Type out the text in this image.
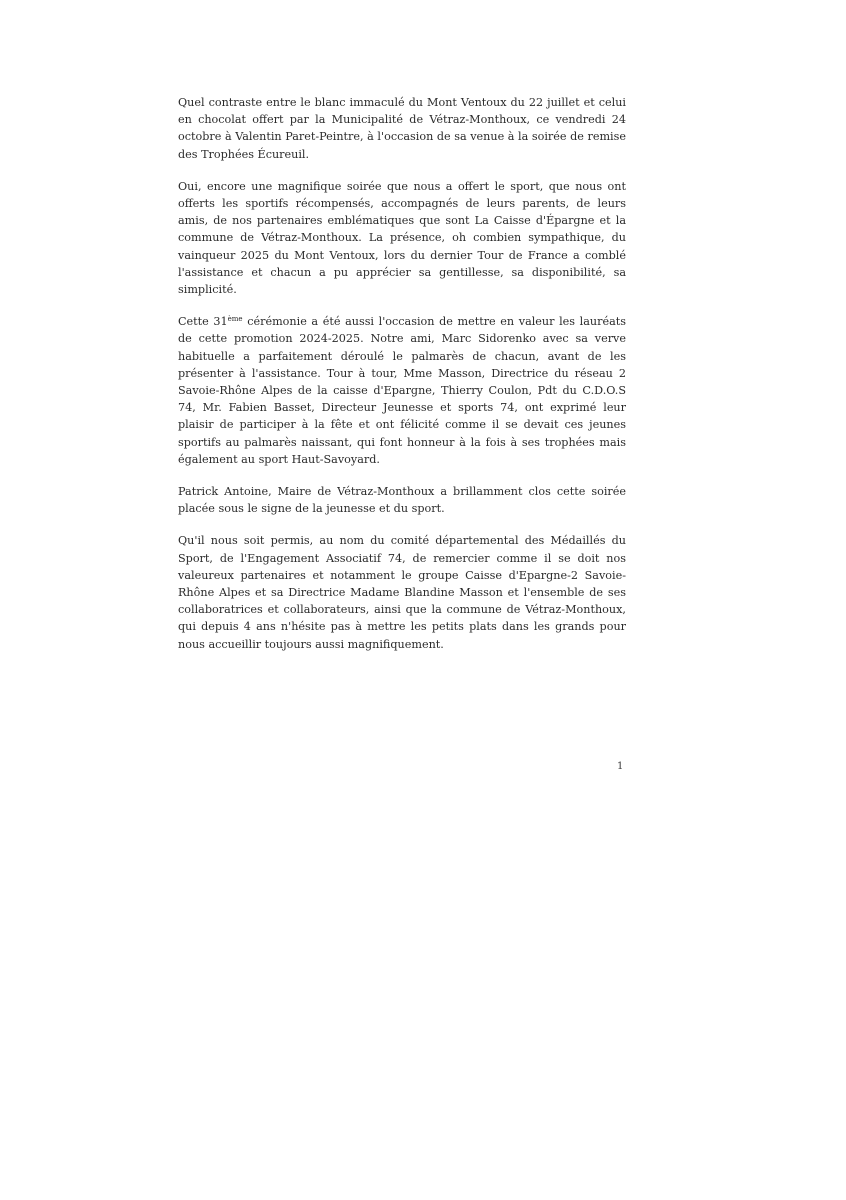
Quel contraste entre le blanc immaculé du Mont Ventoux du 22 juillet et celui en chocolat offert par la Municipalité de Vétraz-Monthoux, ce vendredi 24 octobre à Valentin Paret-Peintre, à l'occasion de sa venue à la soirée de remise des Trophées Écureuil.

Oui, encore une magnifique soirée que nous a offert le sport, que nous ont offerts les sportifs récompensés, accompagnés de leurs parents, de leurs amis, de nos partenaires emblématiques que sont La Caisse d'Épargne et la commune de Vétraz-Monthoux. La présence, oh combien sympathique, du vainqueur 2025 du Mont Ventoux, lors du dernier Tour de France a comblé l'assistance et chacun a pu apprécier sa gentillesse, sa disponibilité, sa simplicité.

Cette 31ème cérémonie a été aussi l'occasion de mettre en valeur les lauréats de cette promotion 2024-2025. Notre ami, Marc Sidorenko avec sa verve habituelle a parfaitement déroulé le palmarès de chacun, avant de les présenter à l'assistance. Tour à tour, Mme Masson, Directrice du réseau 2 Savoie-Rhône Alpes de la caisse d'Epargne, Thierry Coulon, Pdt du C.D.O.S 74, Mr. Fabien Basset, Directeur Jeunesse et sports 74, ont exprimé leur plaisir de participer à la fête et ont félicité comme il se devait ces jeunes sportifs au palmarès naissant, qui font honneur à la fois à ses trophées mais également au sport Haut-Savoyard.

Patrick Antoine, Maire de Vétraz-Monthoux a brillamment clos cette soirée placée sous le signe de la jeunesse et du sport.

Qu'il nous soit permis, au nom du comité départemental des Médaillés du Sport, de l'Engagement Associatif 74, de remercier comme il se doit nos valeureux partenaires et notamment le groupe Caisse d'Epargne-2 Savoie-Rhône Alpes et sa Directrice Madame Blandine Masson et l'ensemble de ses collaboratrices et collaborateurs, ainsi que la commune de Vétraz-Monthoux, qui depuis 4 ans n'hésite pas à mettre les petits plats dans les grands pour nous accueillir toujours aussi magnifiquement.

1
